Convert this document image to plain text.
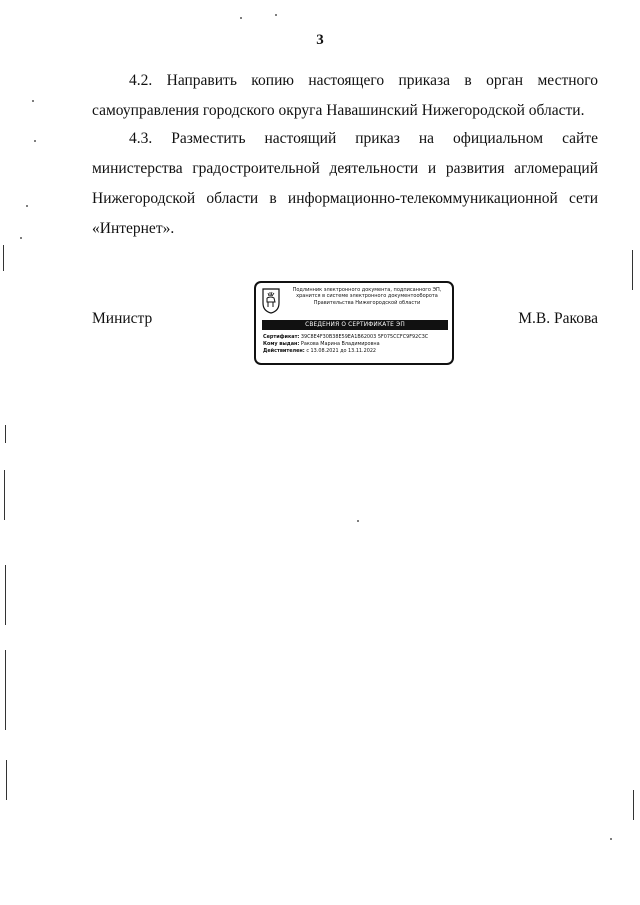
3

4.2. Направить копию настоящего приказа в орган местного самоуправления городского округа Навашинский Нижегородской области.

4.3. Разместить настоящий приказ на официальном сайте министерства градостроительной деятельности и развития агломераций Нижегородской области в информационно-телекоммуникационной сети «Интернет».

Министр	М.В. Ракова
Подлинник электронного документа, подписанного ЭП,
хранится в системе электронного документооборота
Правительства Нижегородской области
СВЕДЕНИЯ О СЕРТИФИКАТЕ ЭП
Сертификат: 39C8E4F30B38E59EA1B62003 5F075CCFC9F92C3C
Кому выдан: Ракова Марина Владимировна
Действителен: с 13.08.2021 до 13.11.2022
